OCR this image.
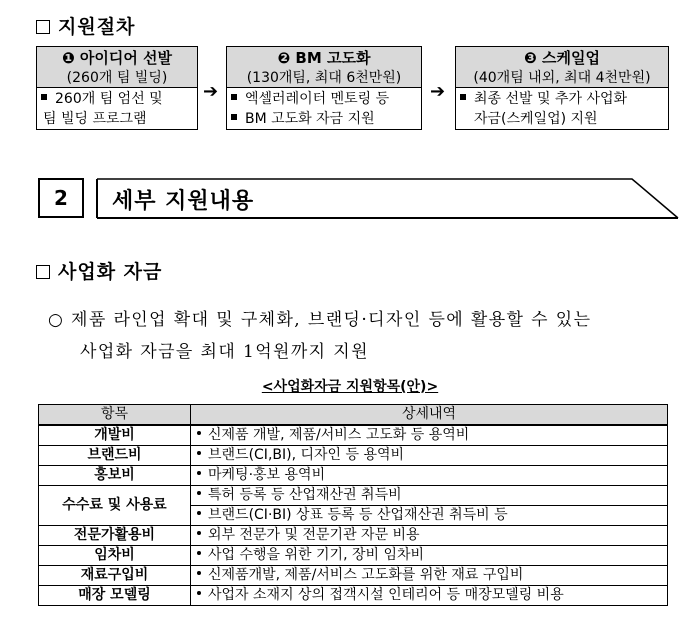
지원절차
❶ 아이디어 선발
(260개 팀 빌딩)
260개 팀 엄선 및
팀 빌딩 프로그램
➔
❷ BM 고도화
(130개팀, 최대 6천만원)
엑셀러레이터 멘토링 등
BM 고도화 자금 지원
➔
❸ 스케일업
(40개팀 내외, 최대 4천만원)
최종 선발 및 추가 사업화
자금(스케일업) 지원
2	세부 지원내용
사업화 자금
○ 제품 라인업 확대 및 구체화, 브랜딩·디자인 등에 활용할 수 있는
사업화 자금을 최대 1억원까지 지원
<사업화자금 지원항목(안)>
항목	상세내역
개발비	신제품 개발, 제품/서비스 고도화 등 용역비
브랜드비	브랜드(CI,BI), 디자인 등 용역비
홍보비	마케팅·홍보 용역비
수수료 및 사용료	특허 등록 등 산업재산권 취득비
	브랜드(CI·BI) 상표 등록 등 산업재산권 취득비 등
전문가활용비	외부 전문가 및 전문기관 자문 비용
임차비	사업 수행을 위한 기기, 장비 임차비
재료구입비	신제품개발, 제품/서비스 고도화를 위한 재료 구입비
매장 모델링	사업자 소재지 상의 접객시설 인테리어 등 매장모델링 비용
